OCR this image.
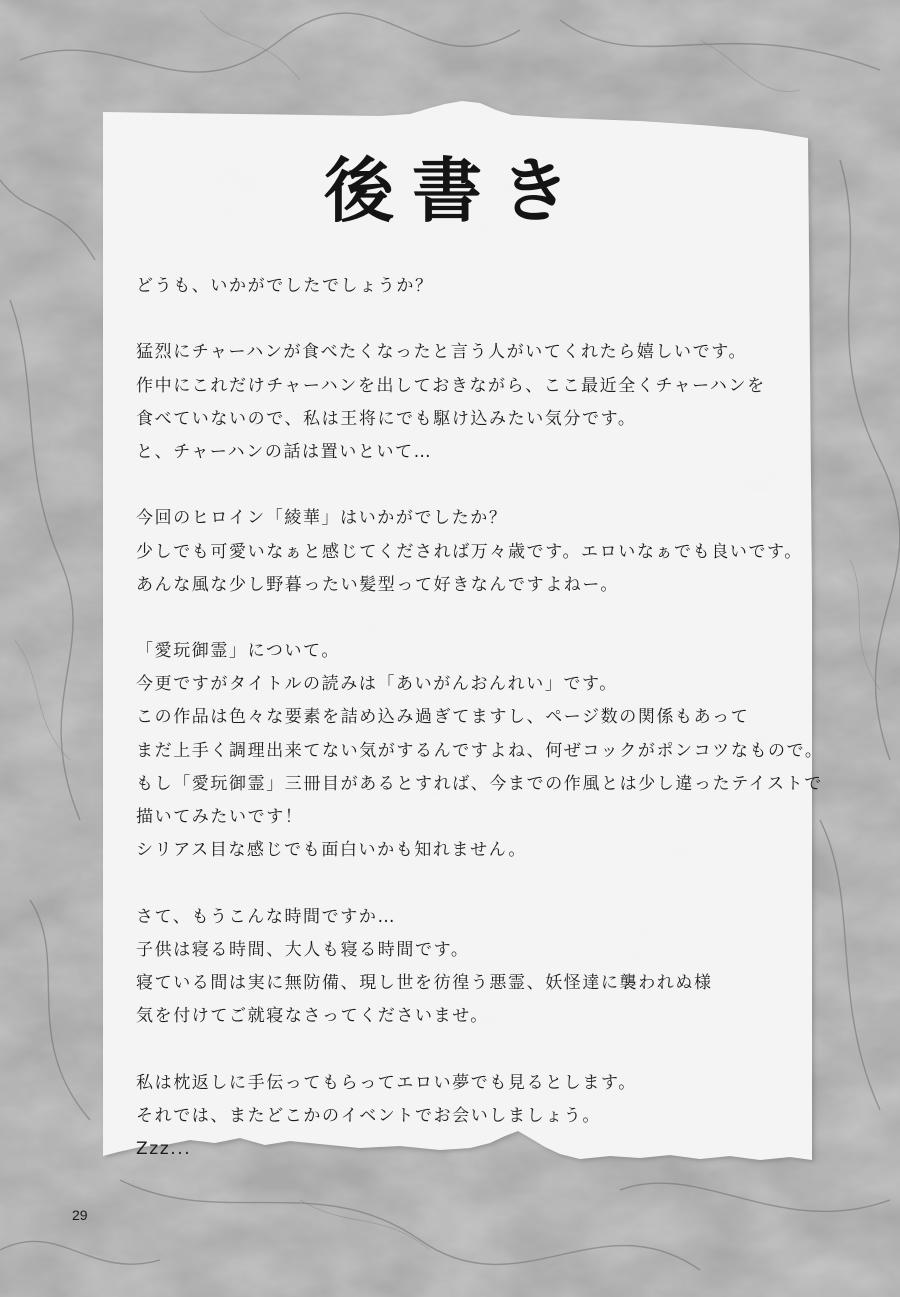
後書き
どうも、いかがでしたでしょうか？
猛烈にチャーハンが食べたくなったと言う人がいてくれたら嬉しいです。
作中にこれだけチャーハンを出しておきながら、ここ最近全くチャーハンを
食べていないので、私は王将にでも駆け込みたい気分です。
と、チャーハンの話は置いといて…
今回のヒロイン「綾華」はいかがでしたか？
少しでも可愛いなぁと感じてくだされば万々歳です。エロいなぁでも良いです。
あんな風な少し野暮ったい髪型って好きなんですよねー。
「愛玩御霊」について。
今更ですがタイトルの読みは「あいがんおんれい」です。
この作品は色々な要素を詰め込み過ぎてますし、ページ数の関係もあって
まだ上手く調理出来てない気がするんですよね、何ぜコックがポンコツなもので。
もし「愛玩御霊」三冊目があるとすれば、今までの作風とは少し違ったテイストで
描いてみたいです！
シリアス目な感じでも面白いかも知れません。
さて、もうこんな時間ですか…
子供は寝る時間、大人も寝る時間です。
寝ている間は実に無防備、現し世を彷徨う悪霊、妖怪達に襲われぬ様
気を付けてご就寝なさってくださいませ。
私は枕返しに手伝ってもらってエロい夢でも見るとします。
それでは、またどこかのイベントでお会いしましょう。
Zzz...
29
